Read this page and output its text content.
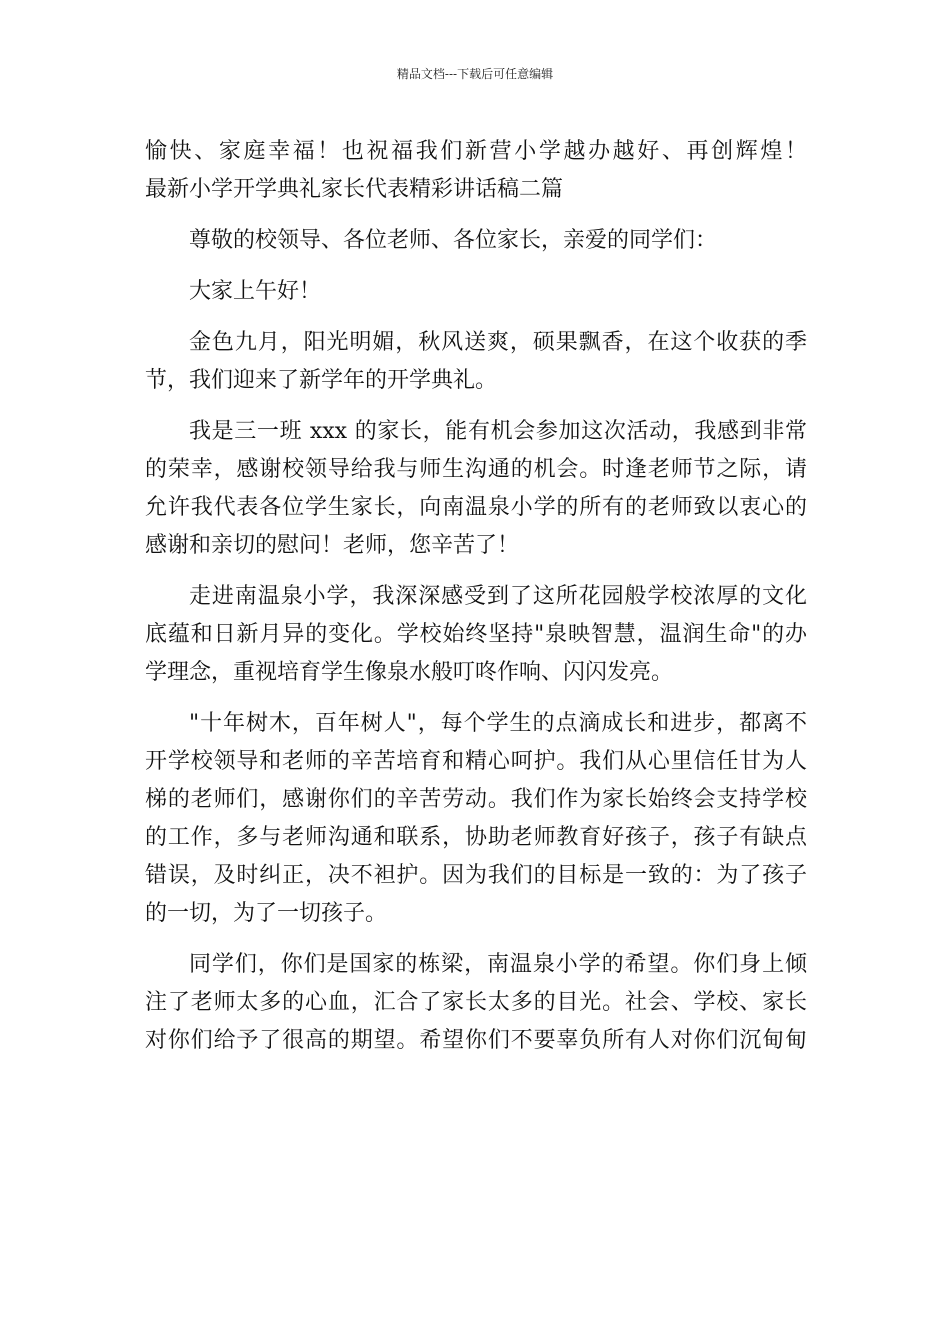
精品文档---下载后可任意编辑
愉快、家庭幸福！也祝福我们新营小学越办越好、再创辉煌！
最新小学开学典礼家长代表精彩讲话稿二篇
尊敬的校领导、各位老师、各位家长，亲爱的同学们：
大家上午好！
金色九月，阳光明媚，秋风送爽，硕果飘香，在这个收获的季
节，我们迎来了新学年的开学典礼。
我是三一班 xxx 的家长，能有机会参加这次活动，我感到非常
的荣幸，感谢校领导给我与师生沟通的机会。时逢老师节之际，请
允许我代表各位学生家长，向南温泉小学的所有的老师致以衷心的
感谢和亲切的慰问！老师，您辛苦了！
走进南温泉小学，我深深感受到了这所花园般学校浓厚的文化
底蕴和日新月异的变化。学校始终坚持"泉映智慧，温润生命"的办
学理念，重视培育学生像泉水般叮咚作响、闪闪发亮。
"十年树木，百年树人"，每个学生的点滴成长和进步，都离不
开学校领导和老师的辛苦培育和精心呵护。我们从心里信任甘为人
梯的老师们，感谢你们的辛苦劳动。我们作为家长始终会支持学校
的工作，多与老师沟通和联系，协助老师教育好孩子，孩子有缺点
错误，及时纠正，决不袒护。因为我们的目标是一致的：为了孩子
的一切，为了一切孩子。
同学们，你们是国家的栋梁，南温泉小学的希望。你们身上倾
注了老师太多的心血，汇合了家长太多的目光。社会、学校、家长
对你们给予了很高的期望。希望你们不要辜负所有人对你们沉甸甸
